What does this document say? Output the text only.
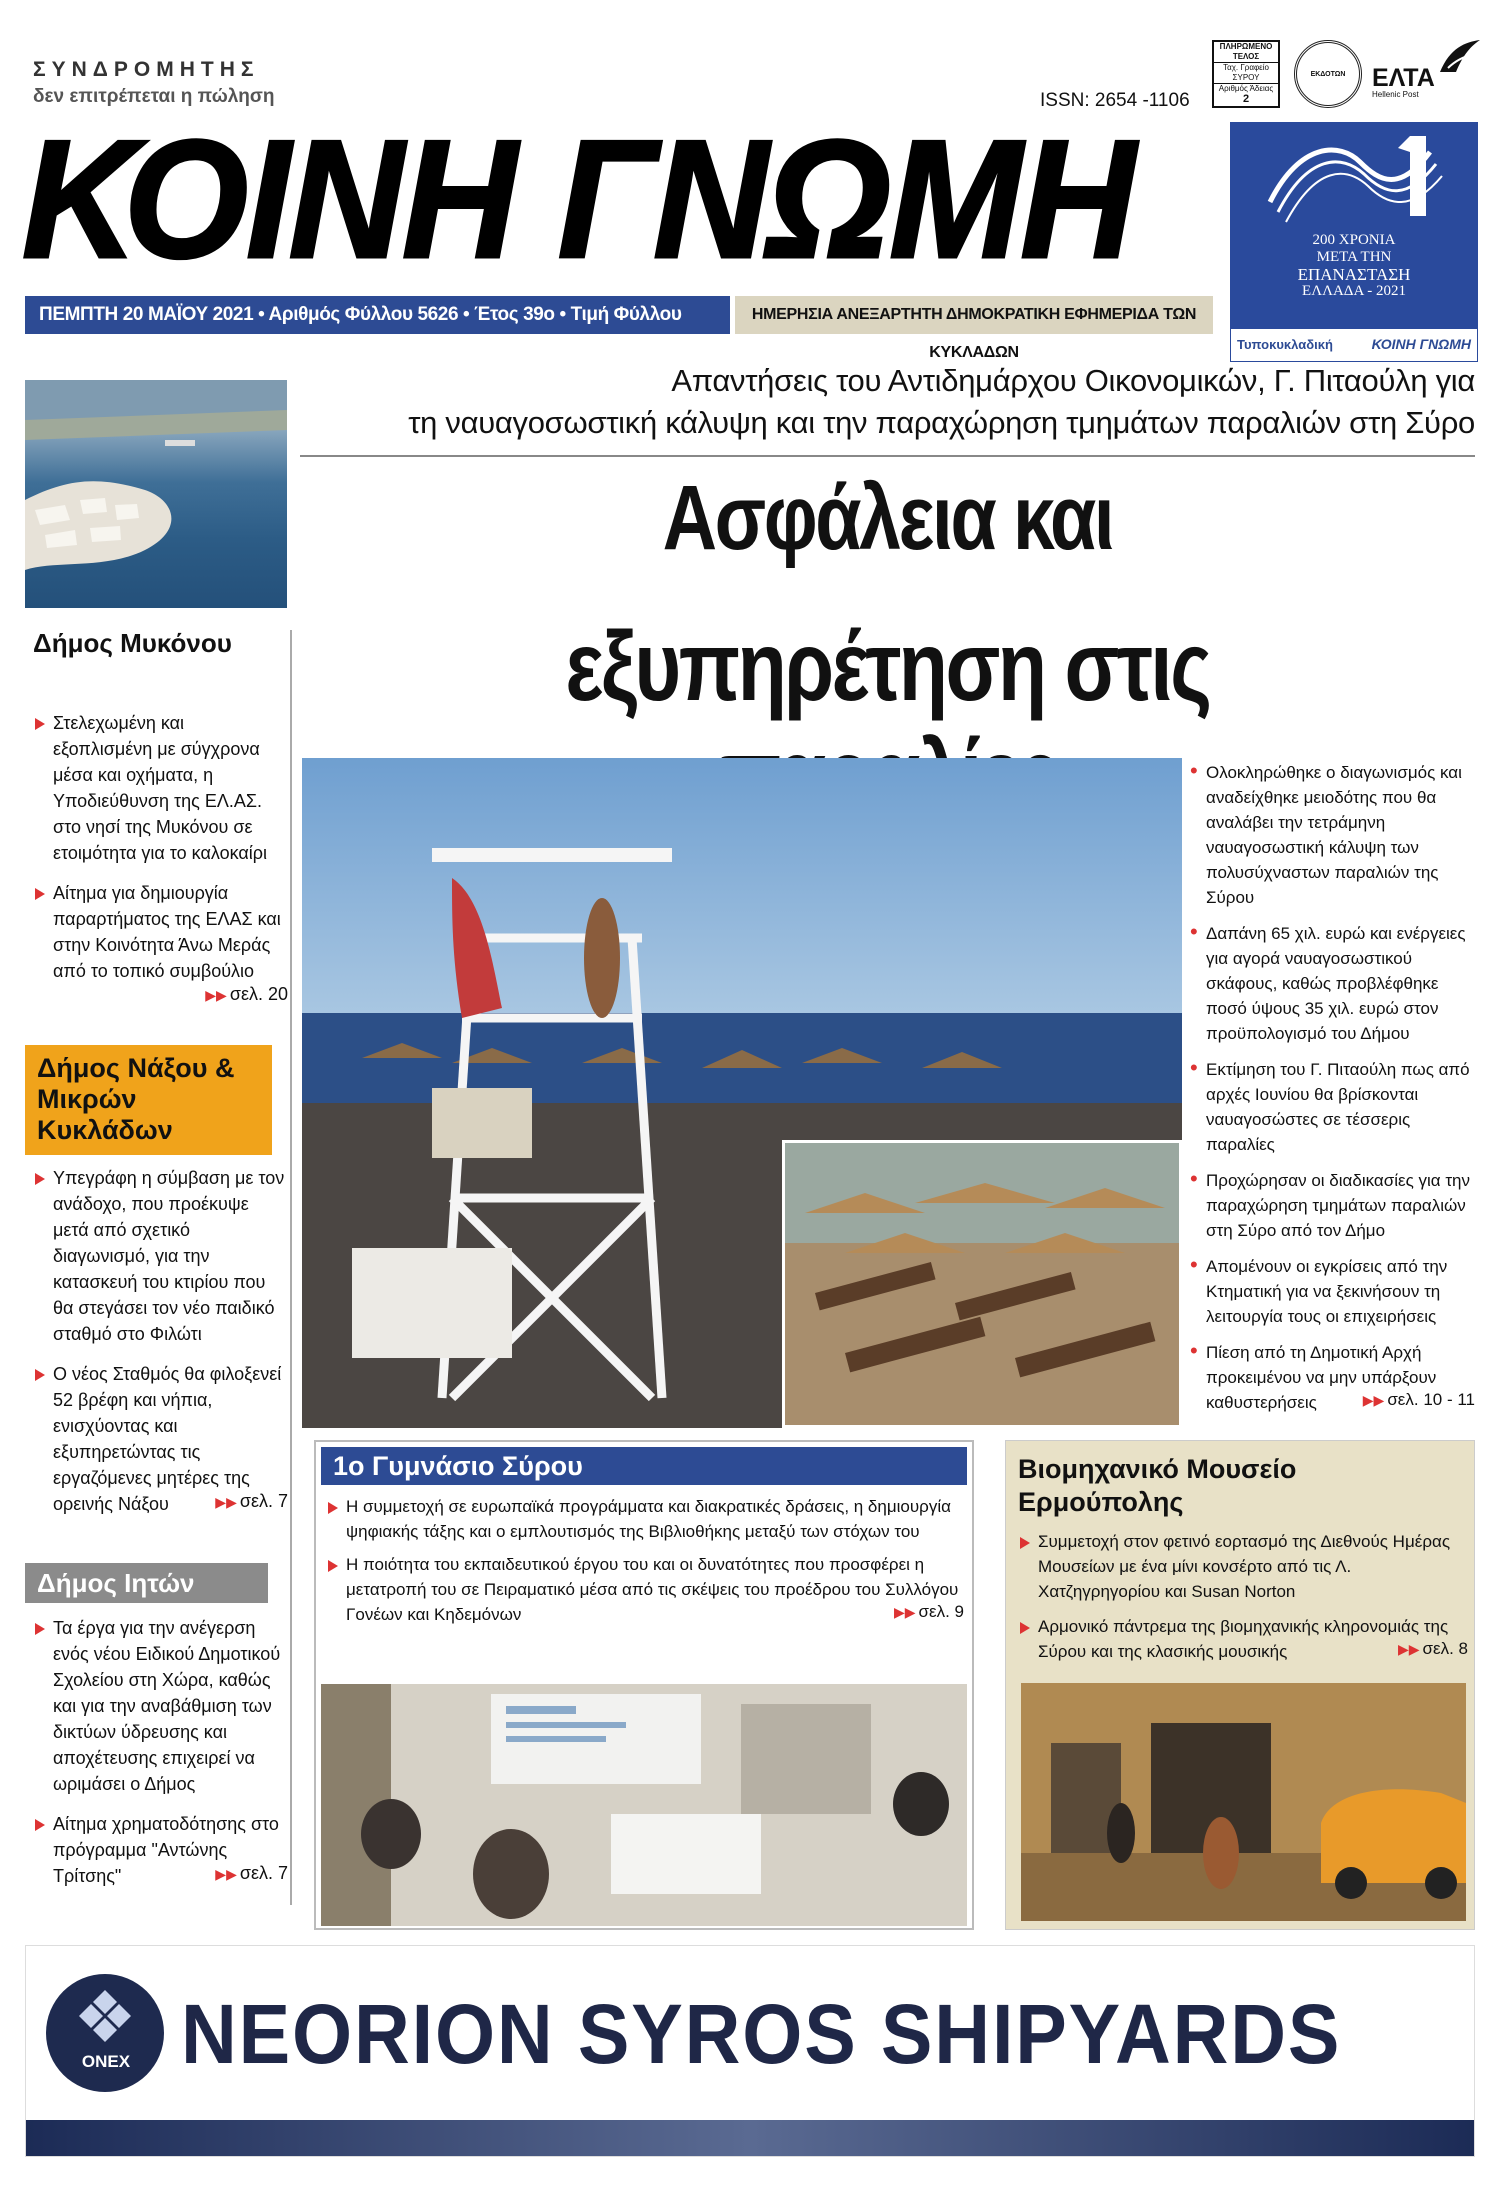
ΣΥΝΔΡΟΜΗΤΗΣ
δεν επιτρέπεται η πώληση
ΚΟΙΝΗ ΓΝΩΜΗ
ISSN: 2654 -1106
ΠΛΗΡΩΜΕΝΟ ΤΕΛΟΣ
Ταχ. Γραφείο ΣΥΡΟΥ
Αριθμός Άδειας
2
ΕΚΔΟΤΩΝ ΕΛΤΑ
Hellenic Post
200 ΧΡΟΝΙΑ
ΜΕΤΑ ΤΗΝ
ΕΠΑΝΑΣΤΑΣΗ
ΕΛΛΑΔΑ - 2021
Τυποκυκλαδική	ΚΟΙΝΗ ΓΝΩΜΗ
ΠΕΜΠΤΗ 20 ΜΑΪΟΥ 2021 • Αριθμός Φύλλου 5626 • Έτος 39ο • Τιμή Φύλλου 0,50€
ΗΜΕΡΗΣΙΑ ΑΝΕΞΑΡΤΗΤΗ ΔΗΜΟΚΡΑΤΙΚΗ ΕΦΗΜΕΡΙΔΑ ΤΩΝ ΚΥΚΛΑΔΩΝ
Δήμος Μυκόνου
Στελεχωμένη και εξοπλισμένη με σύγχρονα μέσα και οχήματα, η Υποδιεύθυνση της ΕΛ.ΑΣ. στο νησί της Μυκόνου σε ετοιμότητα για το καλοκαίρι
Αίτημα για δημιουργία παραρτήματος της ΕΛΑΣ και στην Κοινότητα Άνω Μεράς από το τοπικό συμβούλιο
▶▶ σελ. 20
Δήμος Νάξου & Μικρών Κυκλάδων
Υπεγράφη η σύμβαση με τον ανάδοχο, που προέκυψε μετά από σχετικό διαγωνισμό, για την κατασκευή του κτιρίου που θα στεγάσει τον νέο παιδικό σταθμό στο Φιλώτι
Ο νέος Σταθμός θα φιλοξενεί 52 βρέφη και νήπια, ενισχύοντας και εξυπηρετώντας τις εργαζόμενες μητέρες της ορεινής Νάξου	▶▶ σελ. 7
Δήμος Ιητών
Τα έργα για την ανέγερση ενός νέου Ειδικού Δημοτικού Σχολείου στη Χώρα, καθώς και για την αναβάθμιση των δικτύων ύδρευσης και αποχέτευσης επιχειρεί να ωριμάσει ο Δήμος
Αίτημα χρηματοδότησης στο πρόγραμμα "Αντώνης Τρίτσης"	▶▶ σελ. 7
Απαντήσεις του Αντιδημάρχου Οικονομικών, Γ. Πιταούλη για
τη ναυαγοσωστική κάλυψη και την παραχώρηση τμημάτων παραλιών στη Σύρο
Ασφάλεια και
εξυπηρέτηση στις
• Ολοκληρώθηκε ο διαγωνισμός και αναδείχθηκε μειοδότης που θα αναλάβει την τετράμηνη ναυαγοσωστική κάλυψη των πολυσύχναστων παραλιών της Σύρου
• Δαπάνη 65 χιλ. ευρώ και ενέργειες για αγορά ναυαγοσωστικού σκάφους, καθώς προβλέφθηκε ποσό ύψους 35 χιλ. ευρώ στον προϋπολογισμό του Δήμου
• Εκτίμηση του Γ. Πιταούλη πως από αρχές Ιουνίου θα βρίσκονται ναυαγοσώστες σε τέσσερις παραλίες
• Προχώρησαν οι διαδικασίες για την παραχώρηση τμημάτων παραλιών στη Σύρο από τον Δήμο
• Απομένουν οι εγκρίσεις από την Κτηματική για να ξεκινήσουν τη λειτουργία τους οι επιχειρήσεις
• Πίεση από τη Δημοτική Αρχή προκειμένου να μην υπάρξουν καθυστερήσεις	▶▶ σελ. 10 - 11
1ο Γυμνάσιο Σύρου
Η συμμετοχή σε ευρωπαϊκά προγράμματα και διακρατικές δράσεις, η δημιουργία ψηφιακής τάξης και ο εμπλουτισμός της Βιβλιοθήκης μεταξύ των στόχων του
Η ποιότητα του εκπαιδευτικού έργου του και οι δυνατότητες που προσφέρει η μετατροπή του σε Πειραματικό μέσα από τις σκέψεις του προέδρου του Συλλόγου Γονέων και Κηδεμόνων	▶▶ σελ. 9
Βιομηχανικό Μουσείο Ερμούπολης
Συμμετοχή στον φετινό εορτασμό της Διεθνούς Ημέρας Μουσείων με ένα μίνι κονσέρτο από τις Λ. Χατζηγρηγορίου και Susan Norton
Αρμονικό πάντρεμα της βιομηχανικής κληρονομιάς της Σύρου και της κλασικής μουσικής	▶▶ σελ. 8
ONEX NEORION SYROS SHIPYARDS
